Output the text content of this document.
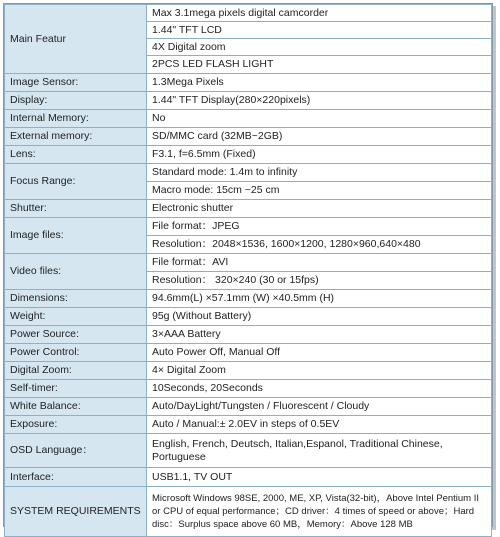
Main Featur	Max 3.1mega pixels digital camcorder
	1.44" TFT LCD
	4X Digital zoom
	2PCS LED FLASH LIGHT
Image Sensor:	1.3Mega Pixels
Display:	1.44" TFT Display(280×220pixels)
Internal Memory:	No
External memory:	SD/MMC card (32MB~2GB)
Lens:	F3.1, f=6.5mm (Fixed)
Focus Range:	Standard mode: 1.4m to infinity
	Macro mode: 15cm ~25 cm
Shutter:	Electronic shutter
Image files:	File format：JPEG
	Resolution：2048×1536, 1600×1200, 1280×960,640×480
Video files:	File format：AVI
	Resolution： 320×240 (30 or 15fps)
Dimensions:	94.6mm(L) ×57.1mm (W) ×40.5mm (H)
Weight:	95g (Without Battery)
Power Source:	3×AAA Battery
Power Control:	Auto Power Off, Manual Off
Digital Zoom:	4× Digital Zoom
Self-timer:	10Seconds, 20Seconds
White Balance:	Auto/DayLight/Tungsten / Fluorescent / Cloudy
Exposure:	Auto / Manual:± 2.0EV in steps of 0.5EV
OSD Language：	English, French, Deutsch, Italian,Espanol, Traditional Chinese, Portuguese
Interface:	USB1.1, TV OUT
SYSTEM REQUIREMENTS	Microsoft Windows 98SE, 2000, ME, XP, Vista(32-bit)，Above Intel Pentium II or CPU of equal performance；CD driver：4 times of speed or above；Hard disc：Surplus space above 60 MB，Memory：Above 128 MB
